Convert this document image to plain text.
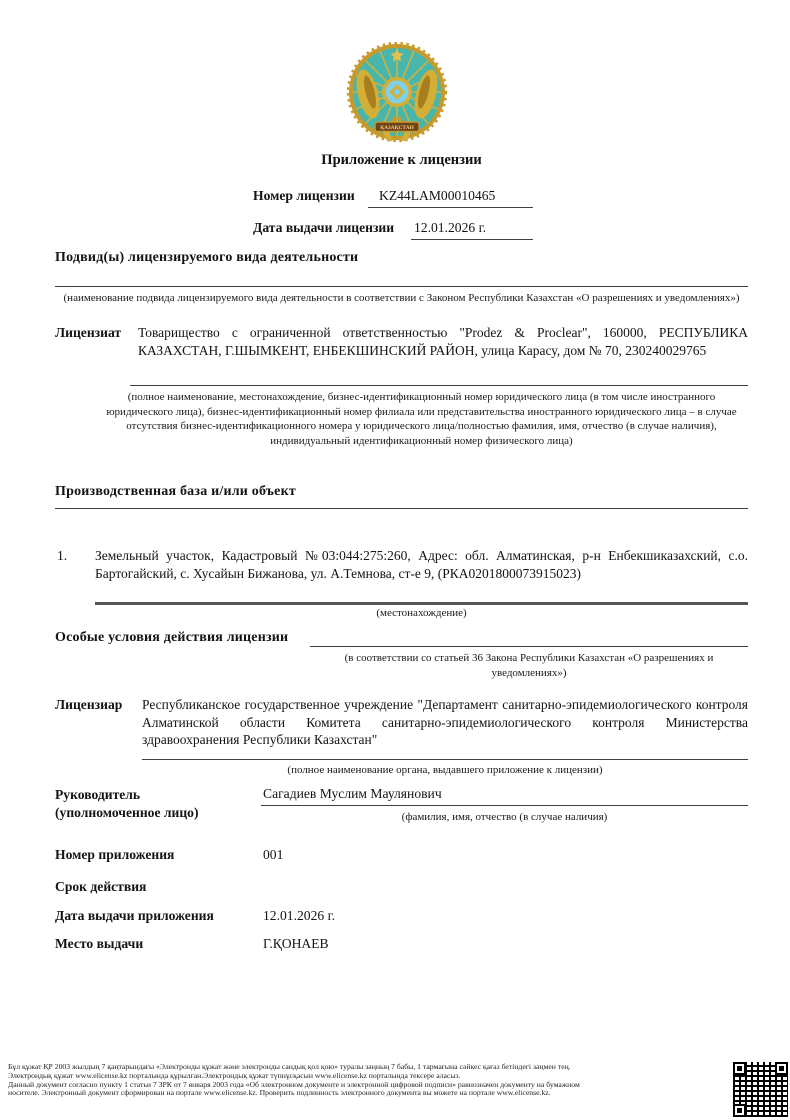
ҚАЗАҚСТАН
Приложение к лицензии
Номер лицензии KZ44LAM00010465
Дата выдачи лицензии 12.01.2026 г.
Подвид(ы) лицензируемого вида деятельности
(наименование подвида лицензируемого вида деятельности в соответствии с Законом Республики Казахстан «О разрешениях и уведомлениях»)
Лицензиат Товарищество с ограниченной ответственностью "Prodez & Proclear", 160000, РЕСПУБЛИКА КАЗАХСТАН, Г.ШЫМКЕНТ, ЕНБЕКШИНСКИЙ РАЙОН, улица Карасу, дом № 70, 230240029765
(полное наименование, местонахождение, бизнес-идентификационный номер юридического лица (в том числе иностранного юридического лица), бизнес-идентификационный номер филиала или представительства иностранного юридического лица – в случае отсутствия бизнес-идентификационного номера у юридического лица/полностью фамилия, имя, отчество (в случае наличия), индивидуальный идентификационный номер физического лица)
Производственная база и/или объект
1. Земельный участок, Кадастровый №03:044:275:260, Адрес: обл. Алматинская, р-н Енбекшиказахский, с.о. Бартогайский, с. Хусайын Бижанова, ул. А.Темнова, ст-е 9, (РКА0201800073915023)
(местонахождение)
Особые условия действия лицензии
(в соответствии со статьей 36 Закона Республики Казахстан «О разрешениях и уведомлениях»)
Лицензиар Республиканское государственное учреждение "Департамент санитарно-эпидемиологического контроля Алматинской области Комитета санитарно-эпидемиологического контроля Министерства здравоохранения Республики Казахстан"
(полное наименование органа, выдавшего приложение к лицензии)
Руководитель
(уполномоченное лицо)
Сагадиев Муслим Маулянович
(фамилия, имя, отчество (в случае наличия)
Номер приложения	001
Срок действия
Дата выдачи приложения	12.01.2026 г.
Место выдачи	Г.ҚОНАЕВ
Бұл құжат ҚР 2003 жылдың 7 қаңтарындағы «Электронды құжат және электронды сандық қол қою» туралы заңның 7 бабы, 1 тармағына сәйкес қағаз бетіндегі заңмен тең.
Электрондық құжат www.elicense.kz порталында құрылған.Электрондық құжат түпнұсқасын www.elicense.kz порталында тексере аласыз.
Данный документ согласно пункту 1 статьи 7 ЗРК от 7 января 2003 года «Об электронном документе и электронной цифровой подписи» равнозначен документу на бумажном
носителе. Электронный документ сформирован на портале www.elicense.kz. Проверить подлинность электронного документа вы можете на портале www.elicense.kz.
